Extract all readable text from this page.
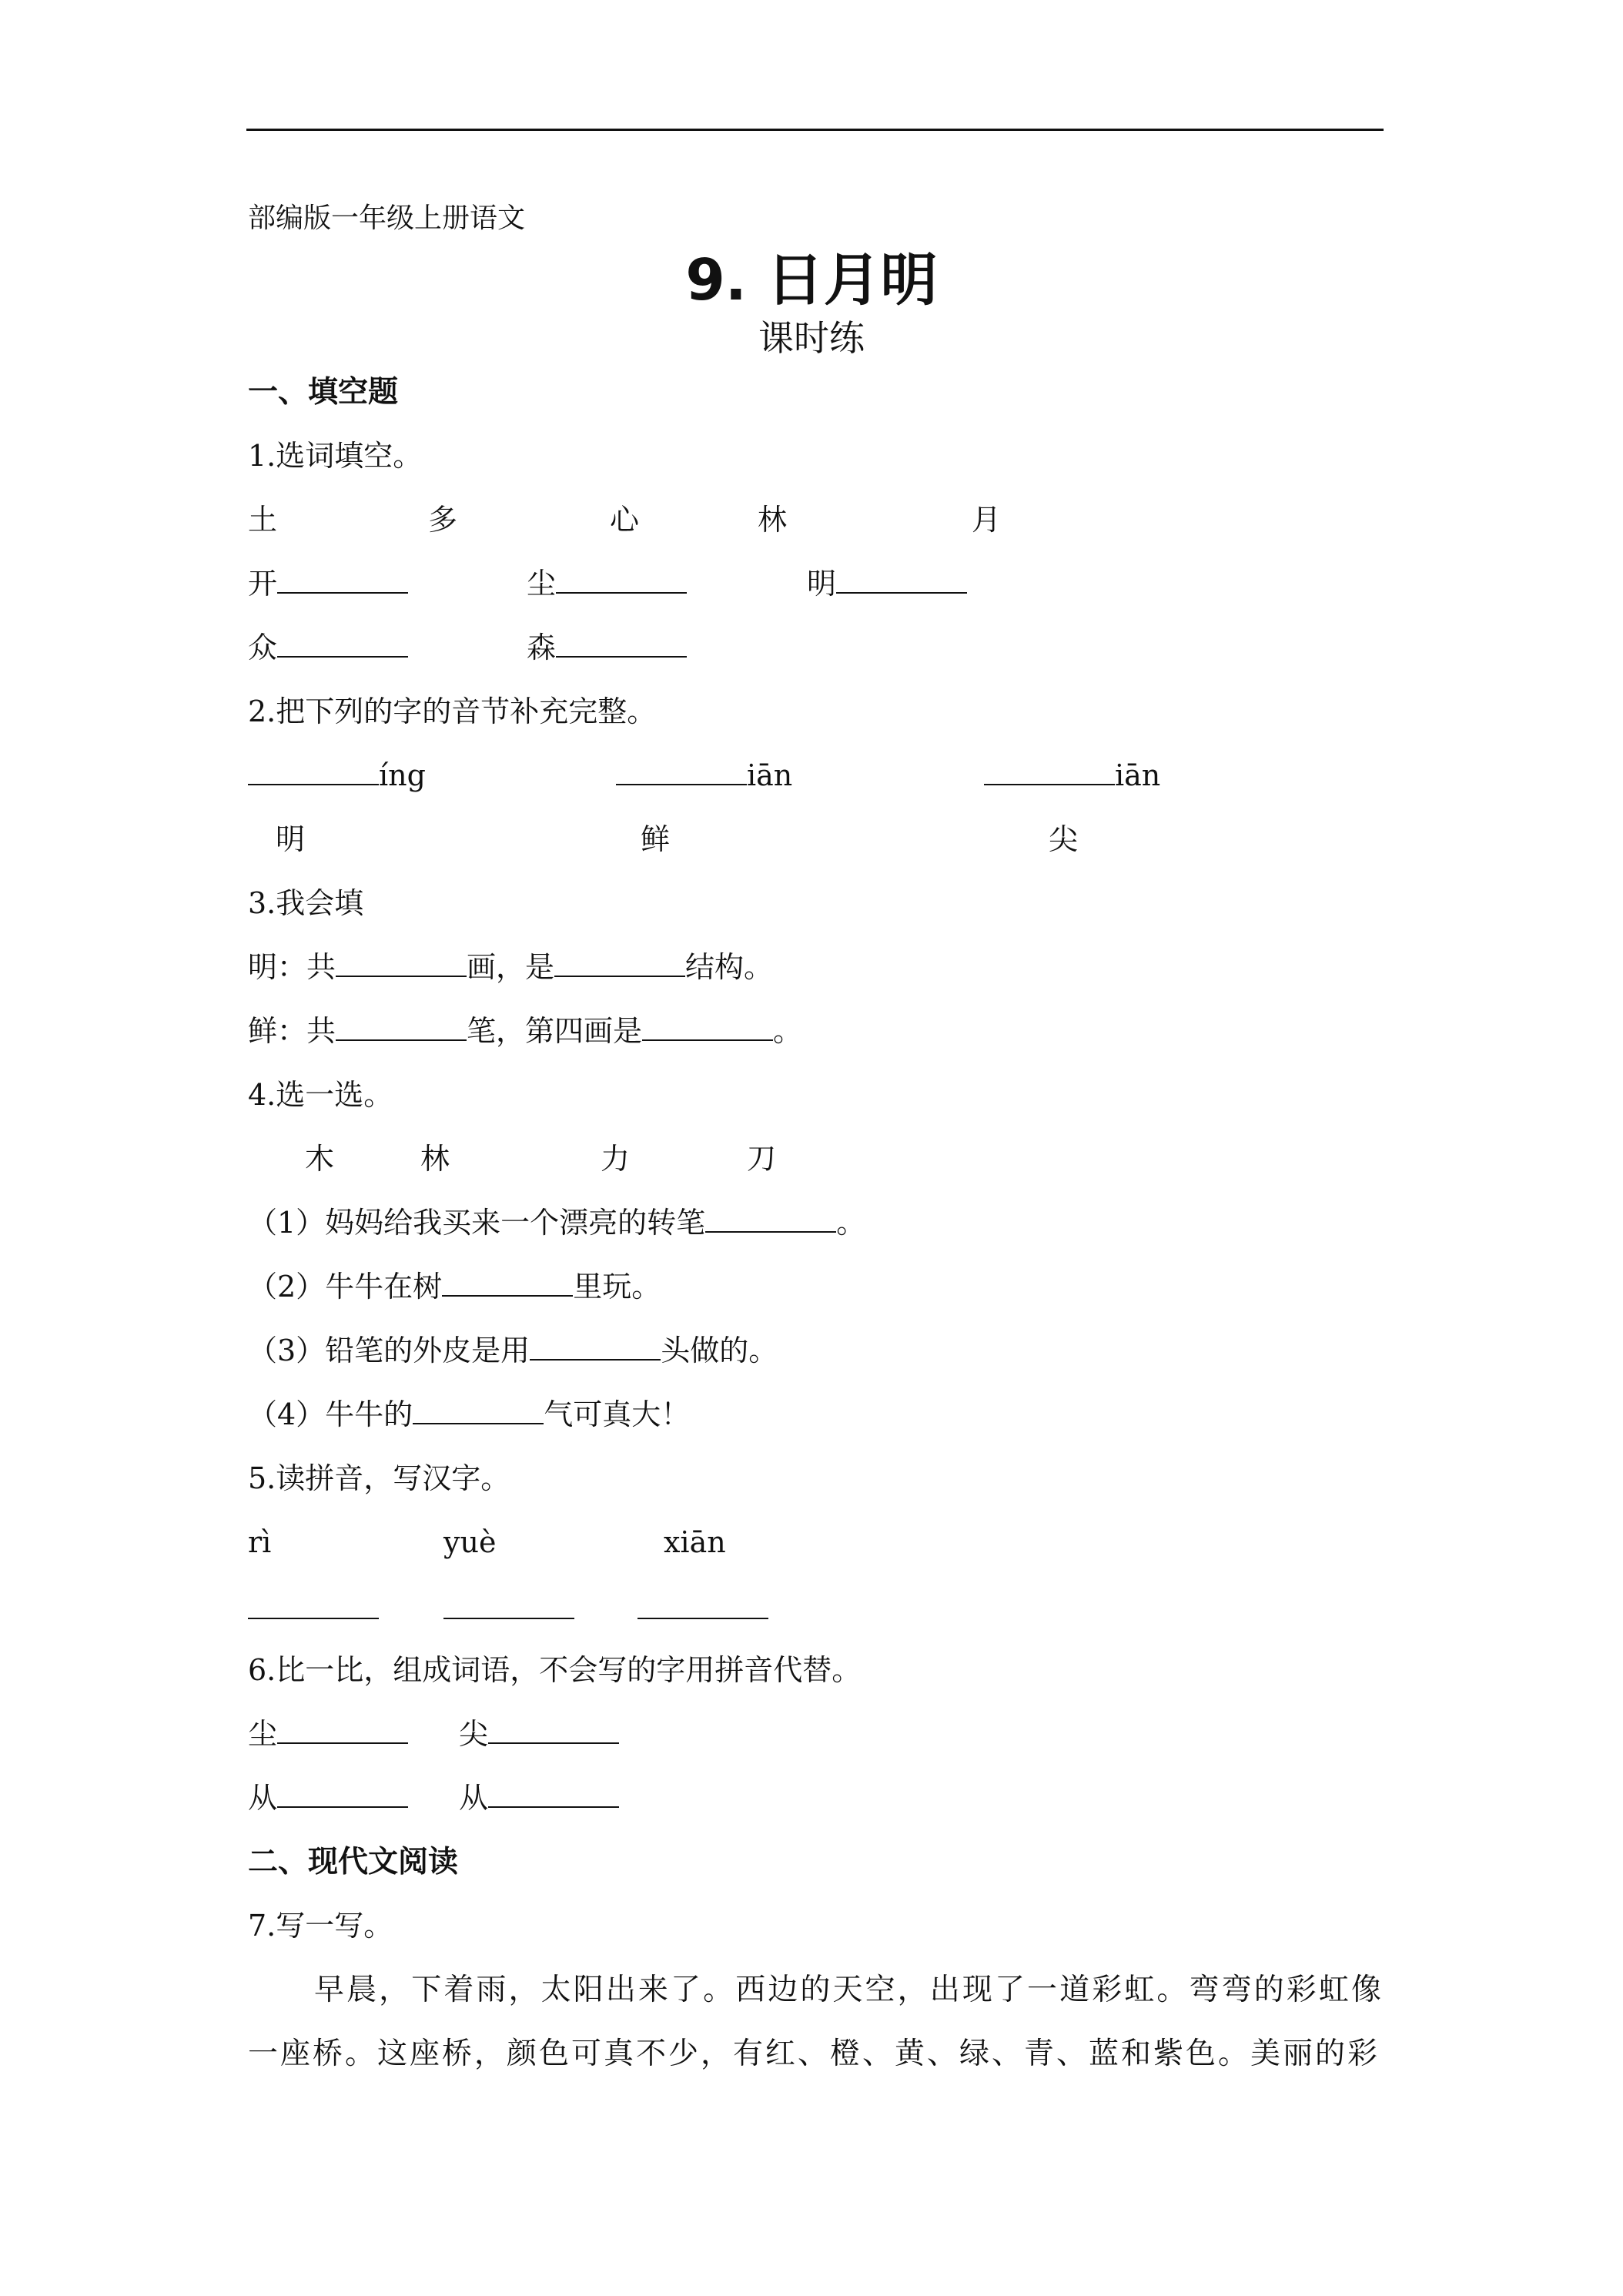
部编版一年级上册语文
9. 日月明
课时练
一、填空题
1.选词填空。
土	多	心	林	月
开	尘	明
众	森
2.把下列的字的音节补充完整。
íng	iān	iān
明	鲜	尖
3.我会填
明：共	画，是	结构。
鲜：共	笔，第四画是	。
4.选一选。
木	林	力	刀
（1）妈妈给我买来一个漂亮的转笔	。
（2）牛牛在树	里玩。
（3）铅笔的外皮是用	头做的。
（4）牛牛的	气可真大！
5.读拼音，写汉字。
rì	yuè	xiān
6.比一比，组成词语，不会写的字用拼音代替。
尘	尖
从	从
二、现代文阅读
7.写一写。

早晨，下着雨，太阳出来了。西边的天空，出现了一道彩虹。弯弯的彩虹像一座桥。这座桥，颜色可真不少，有红、橙、黄、绿、青、蓝和紫色。美丽的彩
